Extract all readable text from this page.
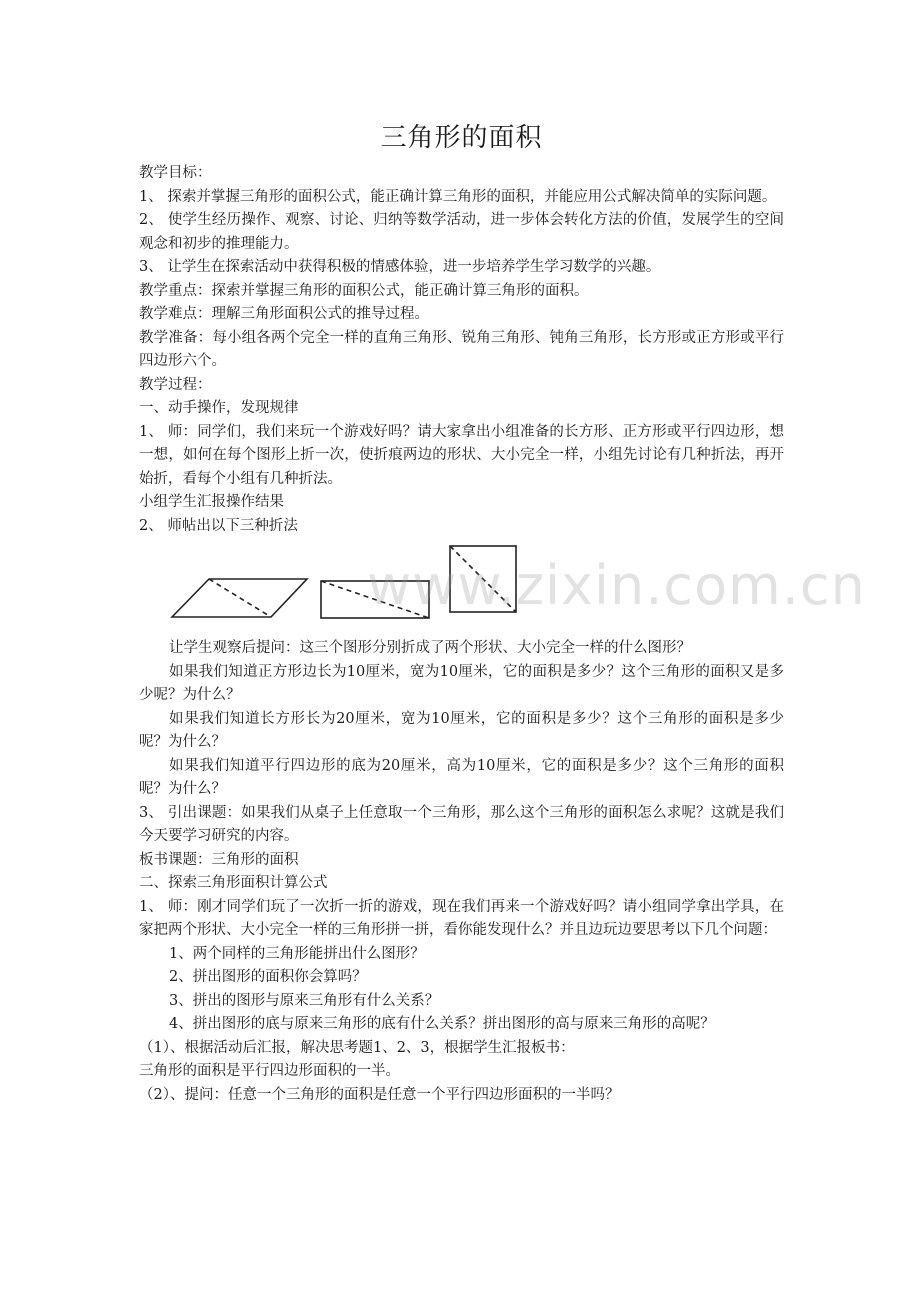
三角形的面积

教学目标：

1、 探索并掌握三角形的面积公式，能正确计算三角形的面积，并能应用公式解决简单的实际问题。

2、 使学生经历操作、观察、讨论、归纳等数学活动，进一步体会转化方法的价值，发展学生的空间观念和初步的推理能力。

3、 让学生在探索活动中获得积极的情感体验，进一步培养学生学习数学的兴趣。

教学重点：探索并掌握三角形的面积公式，能正确计算三角形的面积。

教学难点：理解三角形面积公式的推导过程。

教学准备：每小组各两个完全一样的直角三角形、锐角三角形、钝角三角形，长方形或正方形或平行四边形六个。

教学过程：

一、动手操作，发现规律

1、 师：同学们，我们来玩一个游戏好吗？请大家拿出小组准备的长方形、正方形或平行四边形，想一想，如何在每个图形上折一次，使折痕两边的形状、大小完全一样，小组先讨论有几种折法，再开始折，看每个小组有几种折法。

小组学生汇报操作结果

2、 师帖出以下三种折法

www.zixin.com.cn

让学生观察后提问：这三个图形分别折成了两个形状、大小完全一样的什么图形？

如果我们知道正方形边长为10厘米，宽为10厘米，它的面积是多少？这个三角形的面积又是多少呢？为什么？

如果我们知道长方形长为20厘米，宽为10厘米，它的面积是多少？这个三角形的面积是多少呢？为什么？

如果我们知道平行四边形的底为20厘米，高为10厘米，它的面积是多少？这个三角形的面积呢？为什么？

3、 引出课题：如果我们从桌子上任意取一个三角形，那么这个三角形的面积怎么求呢？这就是我们今天要学习研究的内容。

板书课题：三角形的面积

二、探索三角形面积计算公式

1、 师：刚才同学们玩了一次折一折的游戏，现在我们再来一个游戏好吗？请小组同学拿出学具，在家把两个形状、大小完全一样的三角形拼一拼，看你能发现什么？并且边玩边要思考以下几个问题：

1、两个同样的三角形能拼出什么图形？

2、拼出图形的面积你会算吗？

3、拼出的图形与原来三角形有什么关系？

4、拼出图形的底与原来三角形的底有什么关系？拼出图形的高与原来三角形的高呢？

（1）、根据活动后汇报，解决思考题1、2、3，根据学生汇报板书：

三角形的面积是平行四边形面积的一半。

（2）、提问：任意一个三角形的面积是任意一个平行四边形面积的一半吗？
